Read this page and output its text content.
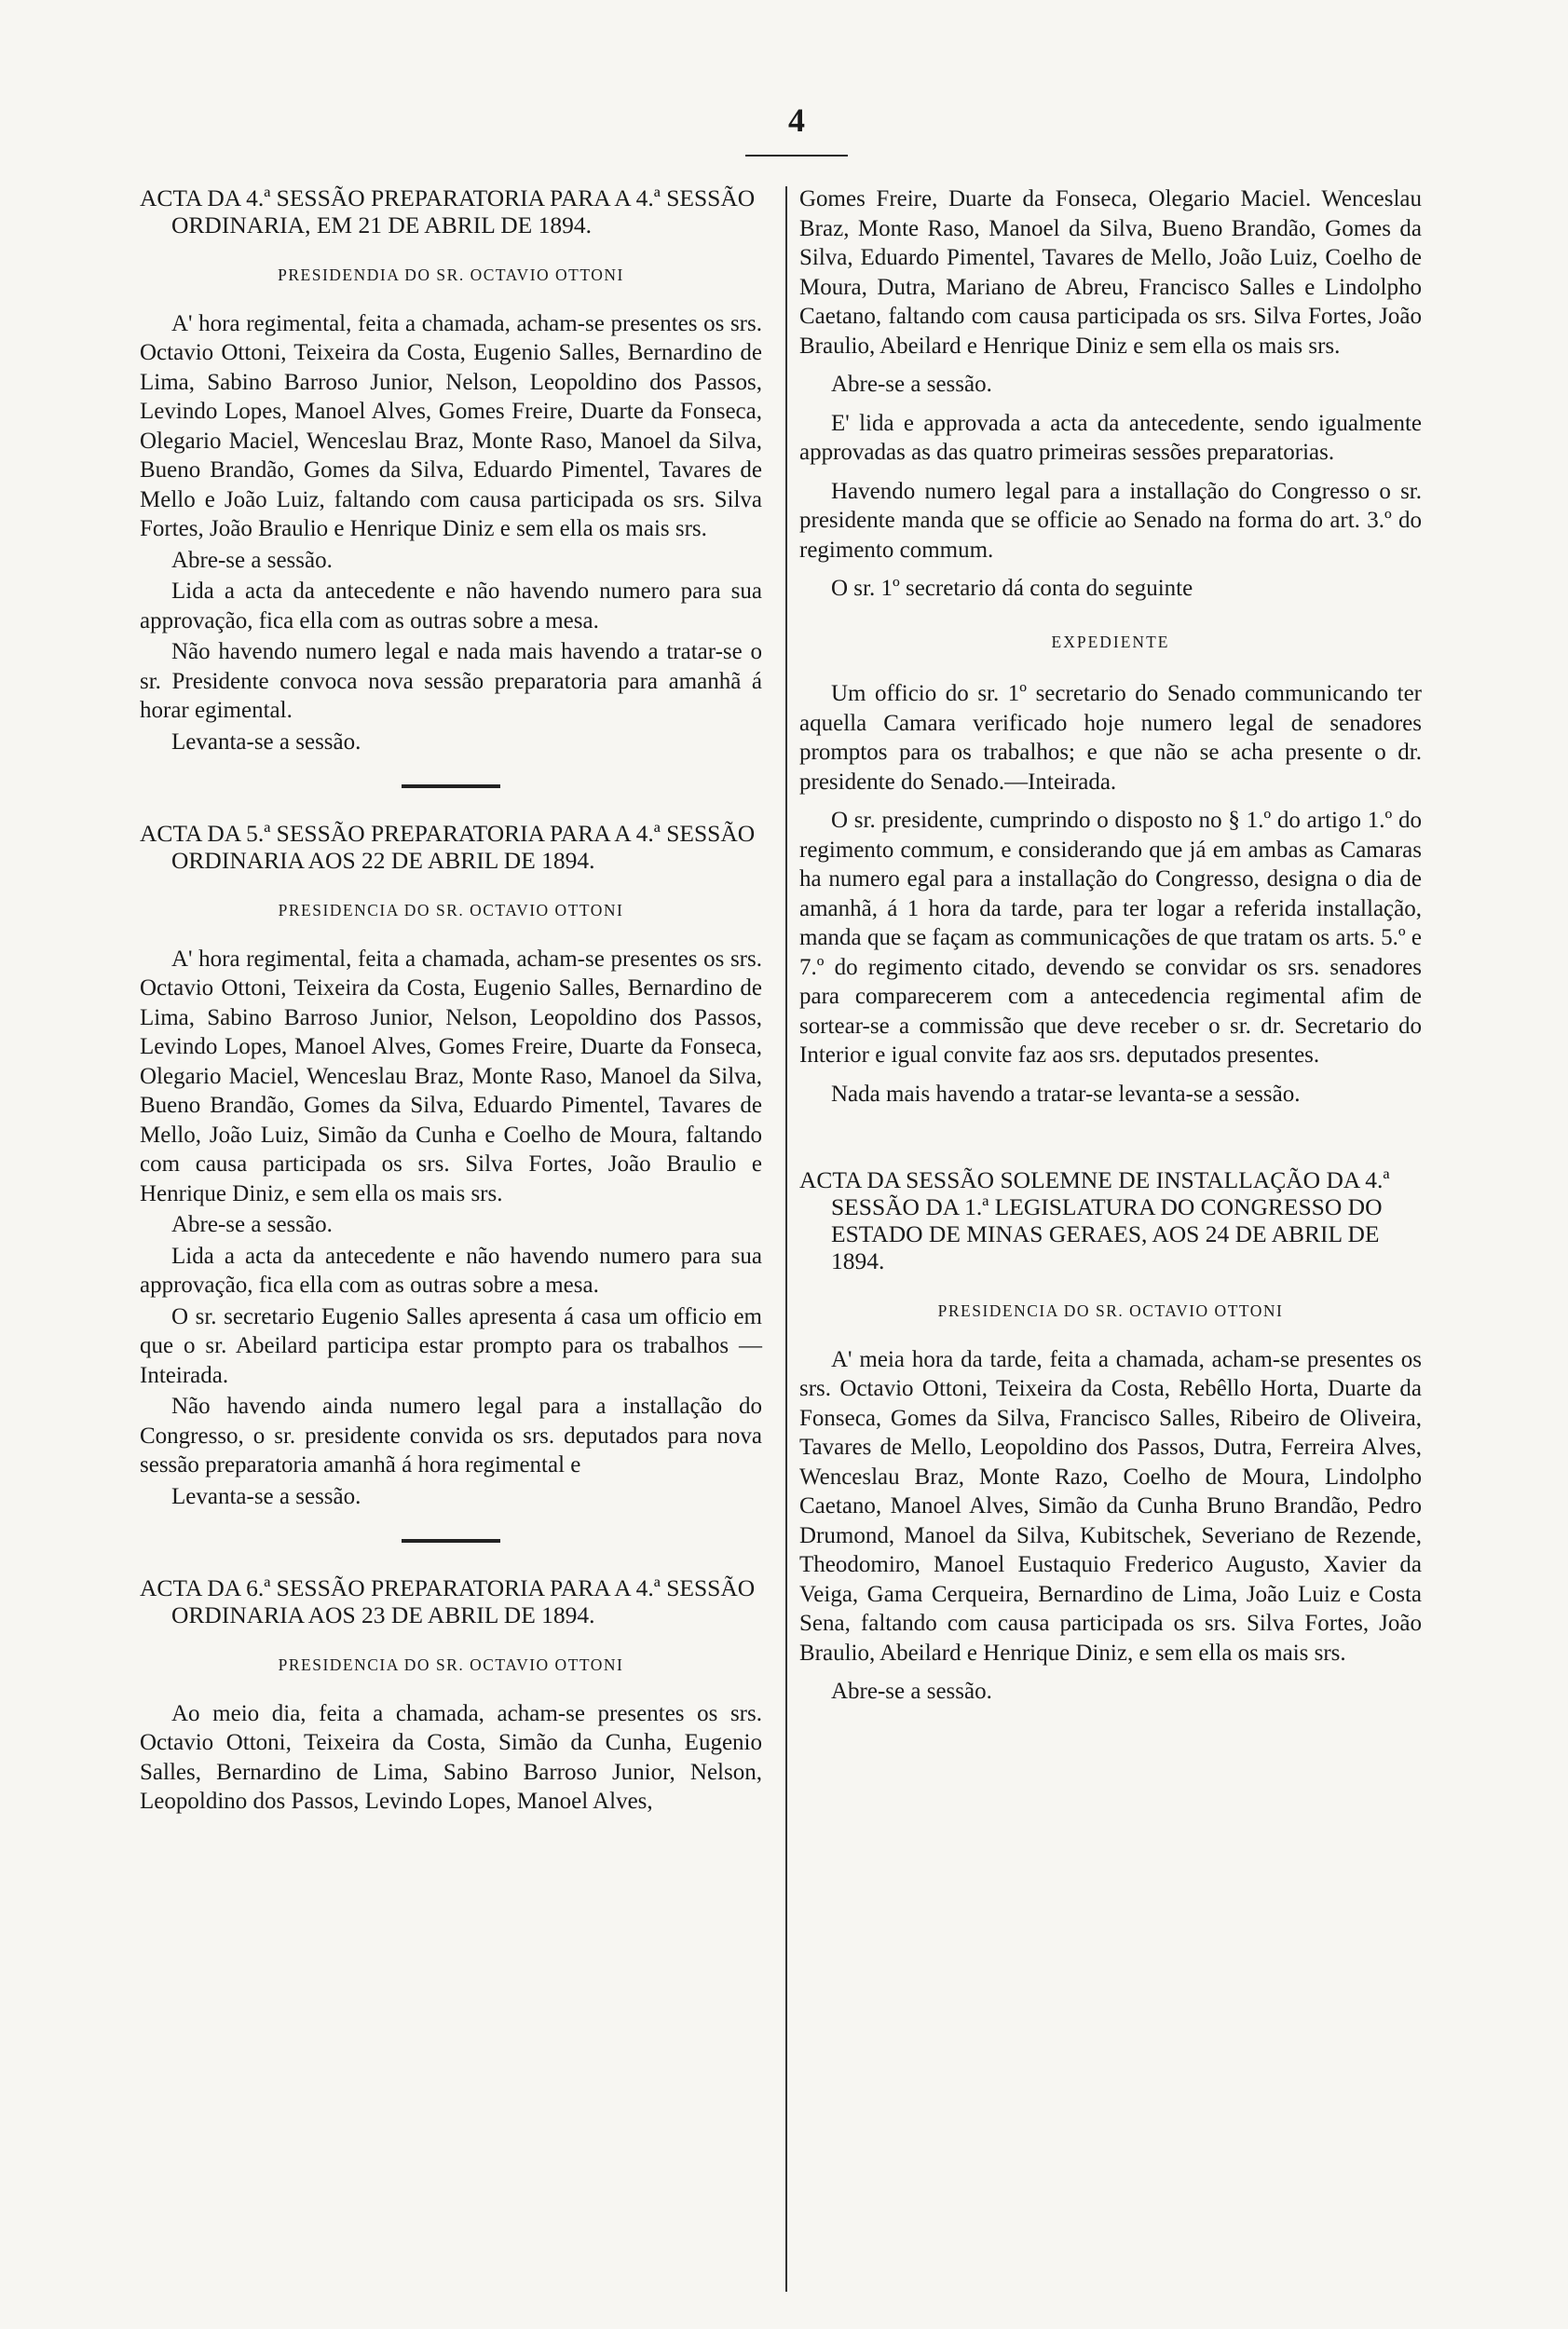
4
ACTA DA 4.ª SESSÃO PREPARATORIA PARA A 4.ª SESSÃO ORDINARIA, EM 21 DE ABRIL DE 1894.
PRESIDENDIA DO SR. OCTAVIO OTTONI

A' hora regimental, feita a chamada, acham-se presentes os srs. Octavio Ottoni, Teixeira da Costa, Eugenio Salles, Bernardino de Lima, Sabino Barroso Junior, Nelson, Leopoldino dos Passos, Levindo Lopes, Manoel Alves, Gomes Freire, Duarte da Fonseca, Olegario Maciel, Wenceslau Braz, Monte Raso, Manoel da Silva, Bueno Brandão, Gomes da Silva, Eduardo Pimentel, Tavares de Mello e João Luiz, faltando com causa participada os srs. Silva Fortes, João Braulio e Henrique Diniz e sem ella os mais srs.

Abre-se a sessão.

Lida a acta da antecedente e não havendo numero para sua approvação, fica ella com as outras sobre a mesa.

Não havendo numero legal e nada mais havendo a tratar-se o sr. Presidente convoca nova sessão preparatoria para amanhã á horar egimental.

Levanta-se a sessão.

ACTA DA 5.ª SESSÃO PREPARATORIA PARA A 4.ª SESSÃO ORDINARIA AOS 22 DE ABRIL DE 1894.
PRESIDENCIA DO SR. OCTAVIO OTTONI

A' hora regimental, feita a chamada, acham-se presentes os srs. Octavio Ottoni, Teixeira da Costa, Eugenio Salles, Bernardino de Lima, Sabino Barroso Junior, Nelson, Leopoldino dos Passos, Levindo Lopes, Manoel Alves, Gomes Freire, Duarte da Fonseca, Olegario Maciel, Wenceslau Braz, Monte Raso, Manoel da Silva, Bueno Brandão, Gomes da Silva, Eduardo Pimentel, Tavares de Mello, João Luiz, Simão da Cunha e Coelho de Moura, faltando com causa participada os srs. Silva Fortes, João Braulio e Henrique Diniz, e sem ella os mais srs.

Abre-se a sessão.

Lida a acta da antecedente e não havendo numero para sua approvação, fica ella com as outras sobre a mesa.

O sr. secretario Eugenio Salles apresenta á casa um officio em que o sr. Abeilard participa estar prompto para os trabalhos —Inteirada.

Não havendo ainda numero legal para a installação do Congresso, o sr. presidente convida os srs. deputados para nova sessão preparatoria amanhã á hora regimental e

Levanta-se a sessão.

ACTA DA 6.ª SESSÃO PREPARATORIA PARA A 4.ª SESSÃO ORDINARIA AOS 23 DE ABRIL DE 1894.
PRESIDENCIA DO SR. OCTAVIO OTTONI

Ao meio dia, feita a chamada, acham-se presentes os srs. Octavio Ottoni, Teixeira da Costa, Simão da Cunha, Eugenio Salles, Bernardino de Lima, Sabino Barroso Junior, Nelson, Leopoldino dos Passos, Levindo Lopes, Manoel Alves,

Gomes Freire, Duarte da Fonseca, Olegario Maciel. Wenceslau Braz, Monte Raso, Manoel da Silva, Bueno Brandão, Gomes da Silva, Eduardo Pimentel, Tavares de Mello, João Luiz, Coelho de Moura, Dutra, Mariano de Abreu, Francisco Salles e Lindolpho Caetano, faltando com causa participada os srs. Silva Fortes, João Braulio, Abeilard e Henrique Diniz e sem ella os mais srs.

Abre-se a sessão.

E' lida e approvada a acta da antecedente, sendo igualmente approvadas as das quatro primeiras sessões preparatorias.

Havendo numero legal para a installação do Congresso o sr. presidente manda que se officie ao Senado na forma do art. 3.º do regimento commum.

O sr. 1º secretario dá conta do seguinte

EXPEDIENTE

Um officio do sr. 1º secretario do Senado communicando ter aquella Camara verificado hoje numero legal de senadores promptos para os trabalhos; e que não se acha presente o dr. presidente do Senado.—Inteirada.

O sr. presidente, cumprindo o disposto no § 1.º do artigo 1.º do regimento commum, e considerando que já em ambas as Camaras ha numero egal para a installação do Congresso, designa o dia de amanhã, á 1 hora da tarde, para ter logar a referida installação, manda que se façam as communicações de que tratam os arts. 5.º e 7.º do regimento citado, devendo se convidar os srs. senadores para comparecerem com a antecedencia regimental afim de sortear-se a commissão que deve receber o sr. dr. Secretario do Interior e igual convite faz aos srs. deputados presentes.

Nada mais havendo a tratar-se levanta-se a sessão.

ACTA DA SESSÃO SOLEMNE DE INSTALLAÇÃO DA 4.ª SESSÃO DA 1.ª LEGISLATURA DO CONGRESSO DO ESTADO DE MINAS GERAES, AOS 24 DE ABRIL DE 1894.
PRESIDENCIA DO SR. OCTAVIO OTTONI

A' meia hora da tarde, feita a chamada, acham-se presentes os srs. Octavio Ottoni, Teixeira da Costa, Rebêllo Horta, Duarte da Fonseca, Gomes da Silva, Francisco Salles, Ribeiro de Oliveira, Tavares de Mello, Leopoldino dos Passos, Dutra, Ferreira Alves, Wenceslau Braz, Monte Razo, Coelho de Moura, Lindolpho Caetano, Manoel Alves, Simão da Cunha Bruno Brandão, Pedro Drumond, Manoel da Silva, Kubitschek, Severiano de Rezende, Theodomiro, Manoel Eustaquio Frederico Augusto, Xavier da Veiga, Gama Cerqueira, Bernardino de Lima, João Luiz e Costa Sena, faltando com causa participada os srs. Silva Fortes, João Braulio, Abeilard e Henrique Diniz, e sem ella os mais srs.

Abre-se a sessão.
